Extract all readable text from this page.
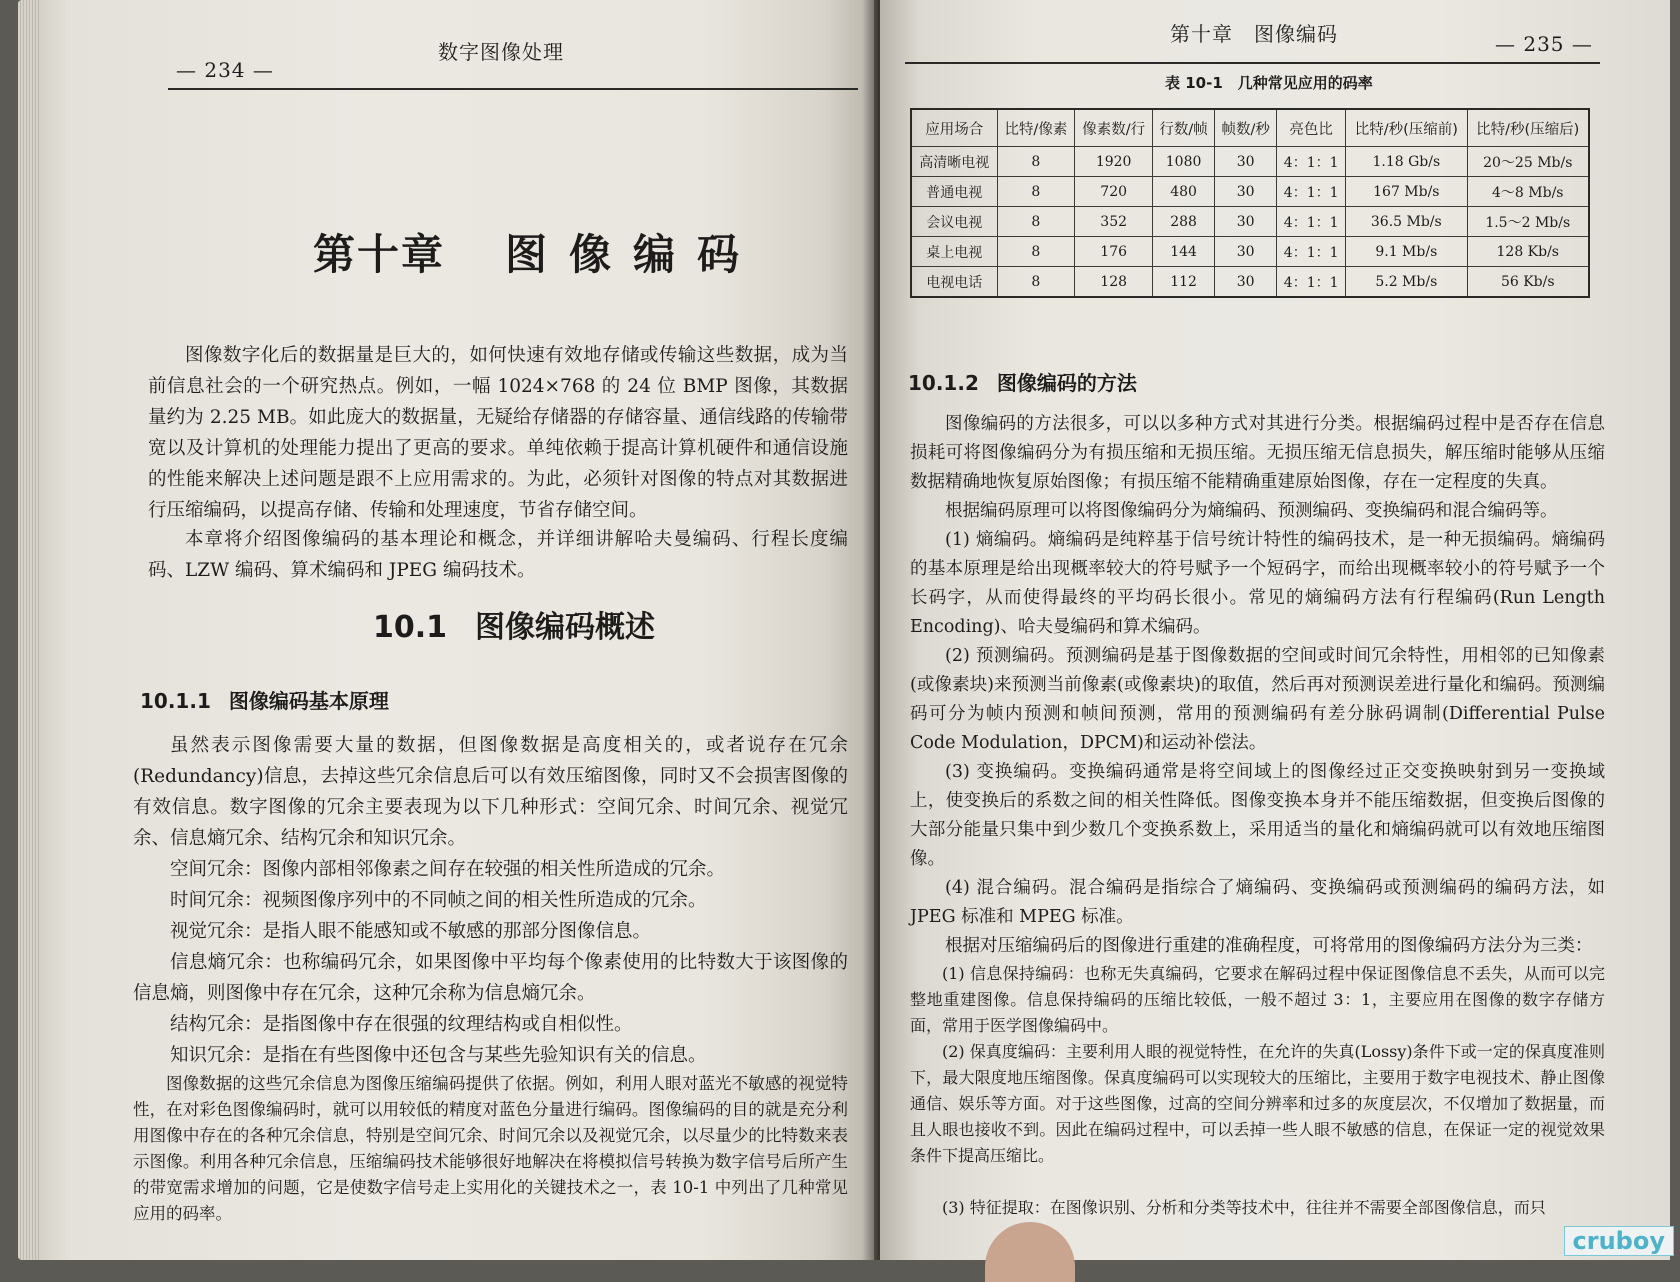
— 234 —
数字图像处理
第十章 图像编码
图像数字化后的数据量是巨大的，如何快速有效地存储或传输这些数据，成为当前信息社会的一个研究热点。例如，一幅 1024×768 的 24 位 BMP 图像，其数据量约为 2.25 MB。如此庞大的数据量，无疑给存储器的存储容量、通信线路的传输带宽以及计算机的处理能力提出了更高的要求。单纯依赖于提高计算机硬件和通信设施的性能来解决上述问题是跟不上应用需求的。为此，必须针对图像的特点对其数据进行压缩编码，以提高存储、传输和处理速度，节省存储空间。
本章将介绍图像编码的基本理论和概念，并详细讲解哈夫曼编码、行程长度编码、LZW 编码、算术编码和 JPEG 编码技术。
10.1 图像编码概述
10.1.1 图像编码基本原理
虽然表示图像需要大量的数据，但图像数据是高度相关的，或者说存在冗余(Redundancy)信息，去掉这些冗余信息后可以有效压缩图像，同时又不会损害图像的有效信息。数字图像的冗余主要表现为以下几种形式：空间冗余、时间冗余、视觉冗余、信息熵冗余、结构冗余和知识冗余。
空间冗余：图像内部相邻像素之间存在较强的相关性所造成的冗余。
时间冗余：视频图像序列中的不同帧之间的相关性所造成的冗余。
视觉冗余：是指人眼不能感知或不敏感的那部分图像信息。
信息熵冗余：也称编码冗余，如果图像中平均每个像素使用的比特数大于该图像的信息熵，则图像中存在冗余，这种冗余称为信息熵冗余。
结构冗余：是指图像中存在很强的纹理结构或自相似性。
知识冗余：是指在有些图像中还包含与某些先验知识有关的信息。
图像数据的这些冗余信息为图像压缩编码提供了依据。例如，利用人眼对蓝光不敏感的视觉特性，在对彩色图像编码时，就可以用较低的精度对蓝色分量进行编码。图像编码的目的就是充分利用图像中存在的各种冗余信息，特别是空间冗余、时间冗余以及视觉冗余，以尽量少的比特数来表示图像。利用各种冗余信息，压缩编码技术能够很好地解决在将模拟信号转换为数字信号后所产生的带宽需求增加的问题，它是使数字信号走上实用化的关键技术之一，表 10-1 中列出了几种常见应用的码率。
第十章　图像编码	— 235 —
表 10-1　几种常见应用的码率
应用场合	比特/像素	像素数/行	行数/帧	帧数/秒	亮色比	比特/秒(压缩前)	比特/秒(压缩后)
高清晰电视	8	1920	1080	30	4：1：1	1.18 Gb/s	20～25 Mb/s
普通电视	8	720	480	30	4：1：1	167 Mb/s	4～8 Mb/s
会议电视	8	352	288	30	4：1：1	36.5 Mb/s	1.5～2 Mb/s
桌上电视	8	176	144	30	4：1：1	9.1 Mb/s	128 Kb/s
电视电话	8	128	112	30	4：1：1	5.2 Mb/s	56 Kb/s
10.1.2 图像编码的方法
图像编码的方法很多，可以以多种方式对其进行分类。根据编码过程中是否存在信息损耗可将图像编码分为有损压缩和无损压缩。无损压缩无信息损失，解压缩时能够从压缩数据精确地恢复原始图像；有损压缩不能精确重建原始图像，存在一定程度的失真。
根据编码原理可以将图像编码分为熵编码、预测编码、变换编码和混合编码等。
(1) 熵编码。熵编码是纯粹基于信号统计特性的编码技术，是一种无损编码。熵编码的基本原理是给出现概率较大的符号赋予一个短码字，而给出现概率较小的符号赋予一个长码字，从而使得最终的平均码长很小。常见的熵编码方法有行程编码(Run Length Encoding)、哈夫曼编码和算术编码。
(2) 预测编码。预测编码是基于图像数据的空间或时间冗余特性，用相邻的已知像素(或像素块)来预测当前像素(或像素块)的取值，然后再对预测误差进行量化和编码。预测编码可分为帧内预测和帧间预测，常用的预测编码有差分脉码调制(Differential Pulse Code Modulation，DPCM)和运动补偿法。
(3) 变换编码。变换编码通常是将空间域上的图像经过正交变换映射到另一变换域上，使变换后的系数之间的相关性降低。图像变换本身并不能压缩数据，但变换后图像的大部分能量只集中到少数几个变换系数上，采用适当的量化和熵编码就可以有效地压缩图像。
(4) 混合编码。混合编码是指综合了熵编码、变换编码或预测编码的编码方法，如 JPEG 标准和 MPEG 标准。
根据对压缩编码后的图像进行重建的准确程度，可将常用的图像编码方法分为三类：
(1) 信息保持编码：也称无失真编码，它要求在解码过程中保证图像信息不丢失，从而可以完整地重建图像。信息保持编码的压缩比较低，一般不超过 3：1，主要应用在图像的数字存储方面，常用于医学图像编码中。
(2) 保真度编码：主要利用人眼的视觉特性，在允许的失真(Lossy)条件下或一定的保真度准则下，最大限度地压缩图像。保真度编码可以实现较大的压缩比，主要用于数字电视技术、静止图像通信、娱乐等方面。对于这些图像，过高的空间分辨率和过多的灰度层次，不仅增加了数据量，而且人眼也接收不到。因此在编码过程中，可以丢掉一些人眼不敏感的信息，在保证一定的视觉效果条件下提高压缩比。
(3) 特征提取：在图像识别、分析和分类等技术中，往往并不需要全部图像信息，而只
cruboy
